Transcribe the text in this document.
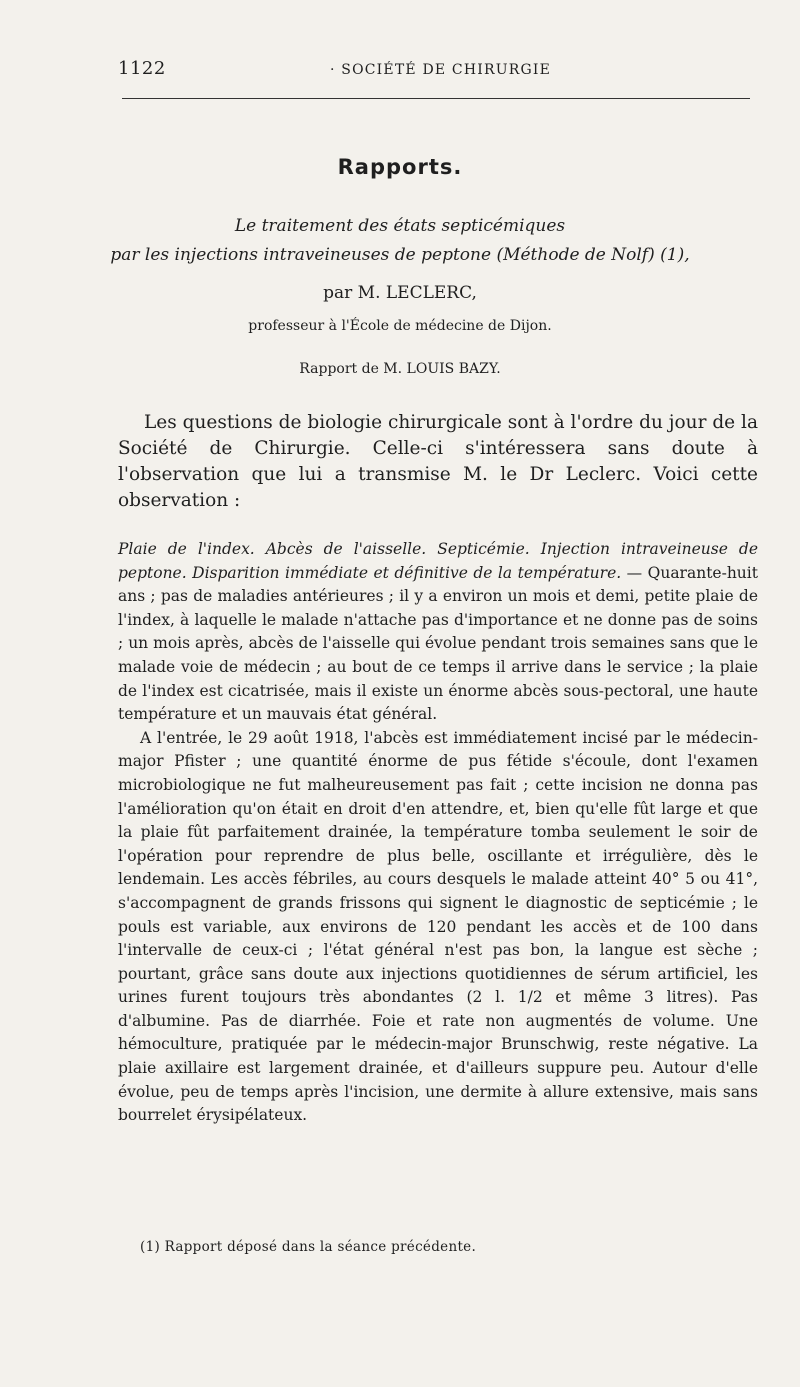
1122	· SOCIÉTÉ DE CHIRURGIE
Rapports.
Le traitement des états septicémiques
par les injections intraveineuses de peptone (Méthode de Nolf) (1),
par M. LECLERC,
professeur à l'École de médecine de Dijon.
Rapport de M. LOUIS BAZY.
Les questions de biologie chirurgicale sont à l'ordre du jour de la Société de Chirurgie. Celle-ci s'intéressera sans doute à l'observation que lui a transmise M. le Dr Leclerc. Voici cette observation :

Plaie de l'index. Abcès de l'aisselle. Septicémie. Injection intraveineuse de peptone. Disparition immédiate et définitive de la température. — Quarante-huit ans ; pas de maladies antérieures ; il y a environ un mois et demi, petite plaie de l'index, à laquelle le malade n'attache pas d'importance et ne donne pas de soins ; un mois après, abcès de l'aisselle qui évolue pendant trois semaines sans que le malade voie de médecin ; au bout de ce temps il arrive dans le service ; la plaie de l'index est cicatrisée, mais il existe un énorme abcès sous-pectoral, une haute température et un mauvais état général.

A l'entrée, le 29 août 1918, l'abcès est immédiatement incisé par le médecin-major Pfister ; une quantité énorme de pus fétide s'écoule, dont l'examen microbiologique ne fut malheureusement pas fait ; cette incision ne donna pas l'amélioration qu'on était en droit d'en attendre, et, bien qu'elle fût large et que la plaie fût parfaitement drainée, la température tomba seulement le soir de l'opération pour reprendre de plus belle, oscillante et irrégulière, dès le lendemain. Les accès fébriles, au cours desquels le malade atteint 40° 5 ou 41°, s'accompagnent de grands frissons qui signent le diagnostic de septicémie ; le pouls est variable, aux environs de 120 pendant les accès et de 100 dans l'intervalle de ceux-ci ; l'état général n'est pas bon, la langue est sèche ; pourtant, grâce sans doute aux injections quotidiennes de sérum artificiel, les urines furent toujours très abondantes (2 l. 1/2 et même 3 litres). Pas d'albumine. Pas de diarrhée. Foie et rate non augmentés de volume. Une hémoculture, pratiquée par le médecin-major Brunschwig, reste négative. La plaie axillaire est largement drainée, et d'ailleurs suppure peu. Autour d'elle évolue, peu de temps après l'incision, une dermite à allure extensive, mais sans bourrelet érysipélateux.

(1) Rapport déposé dans la séance précédente.
